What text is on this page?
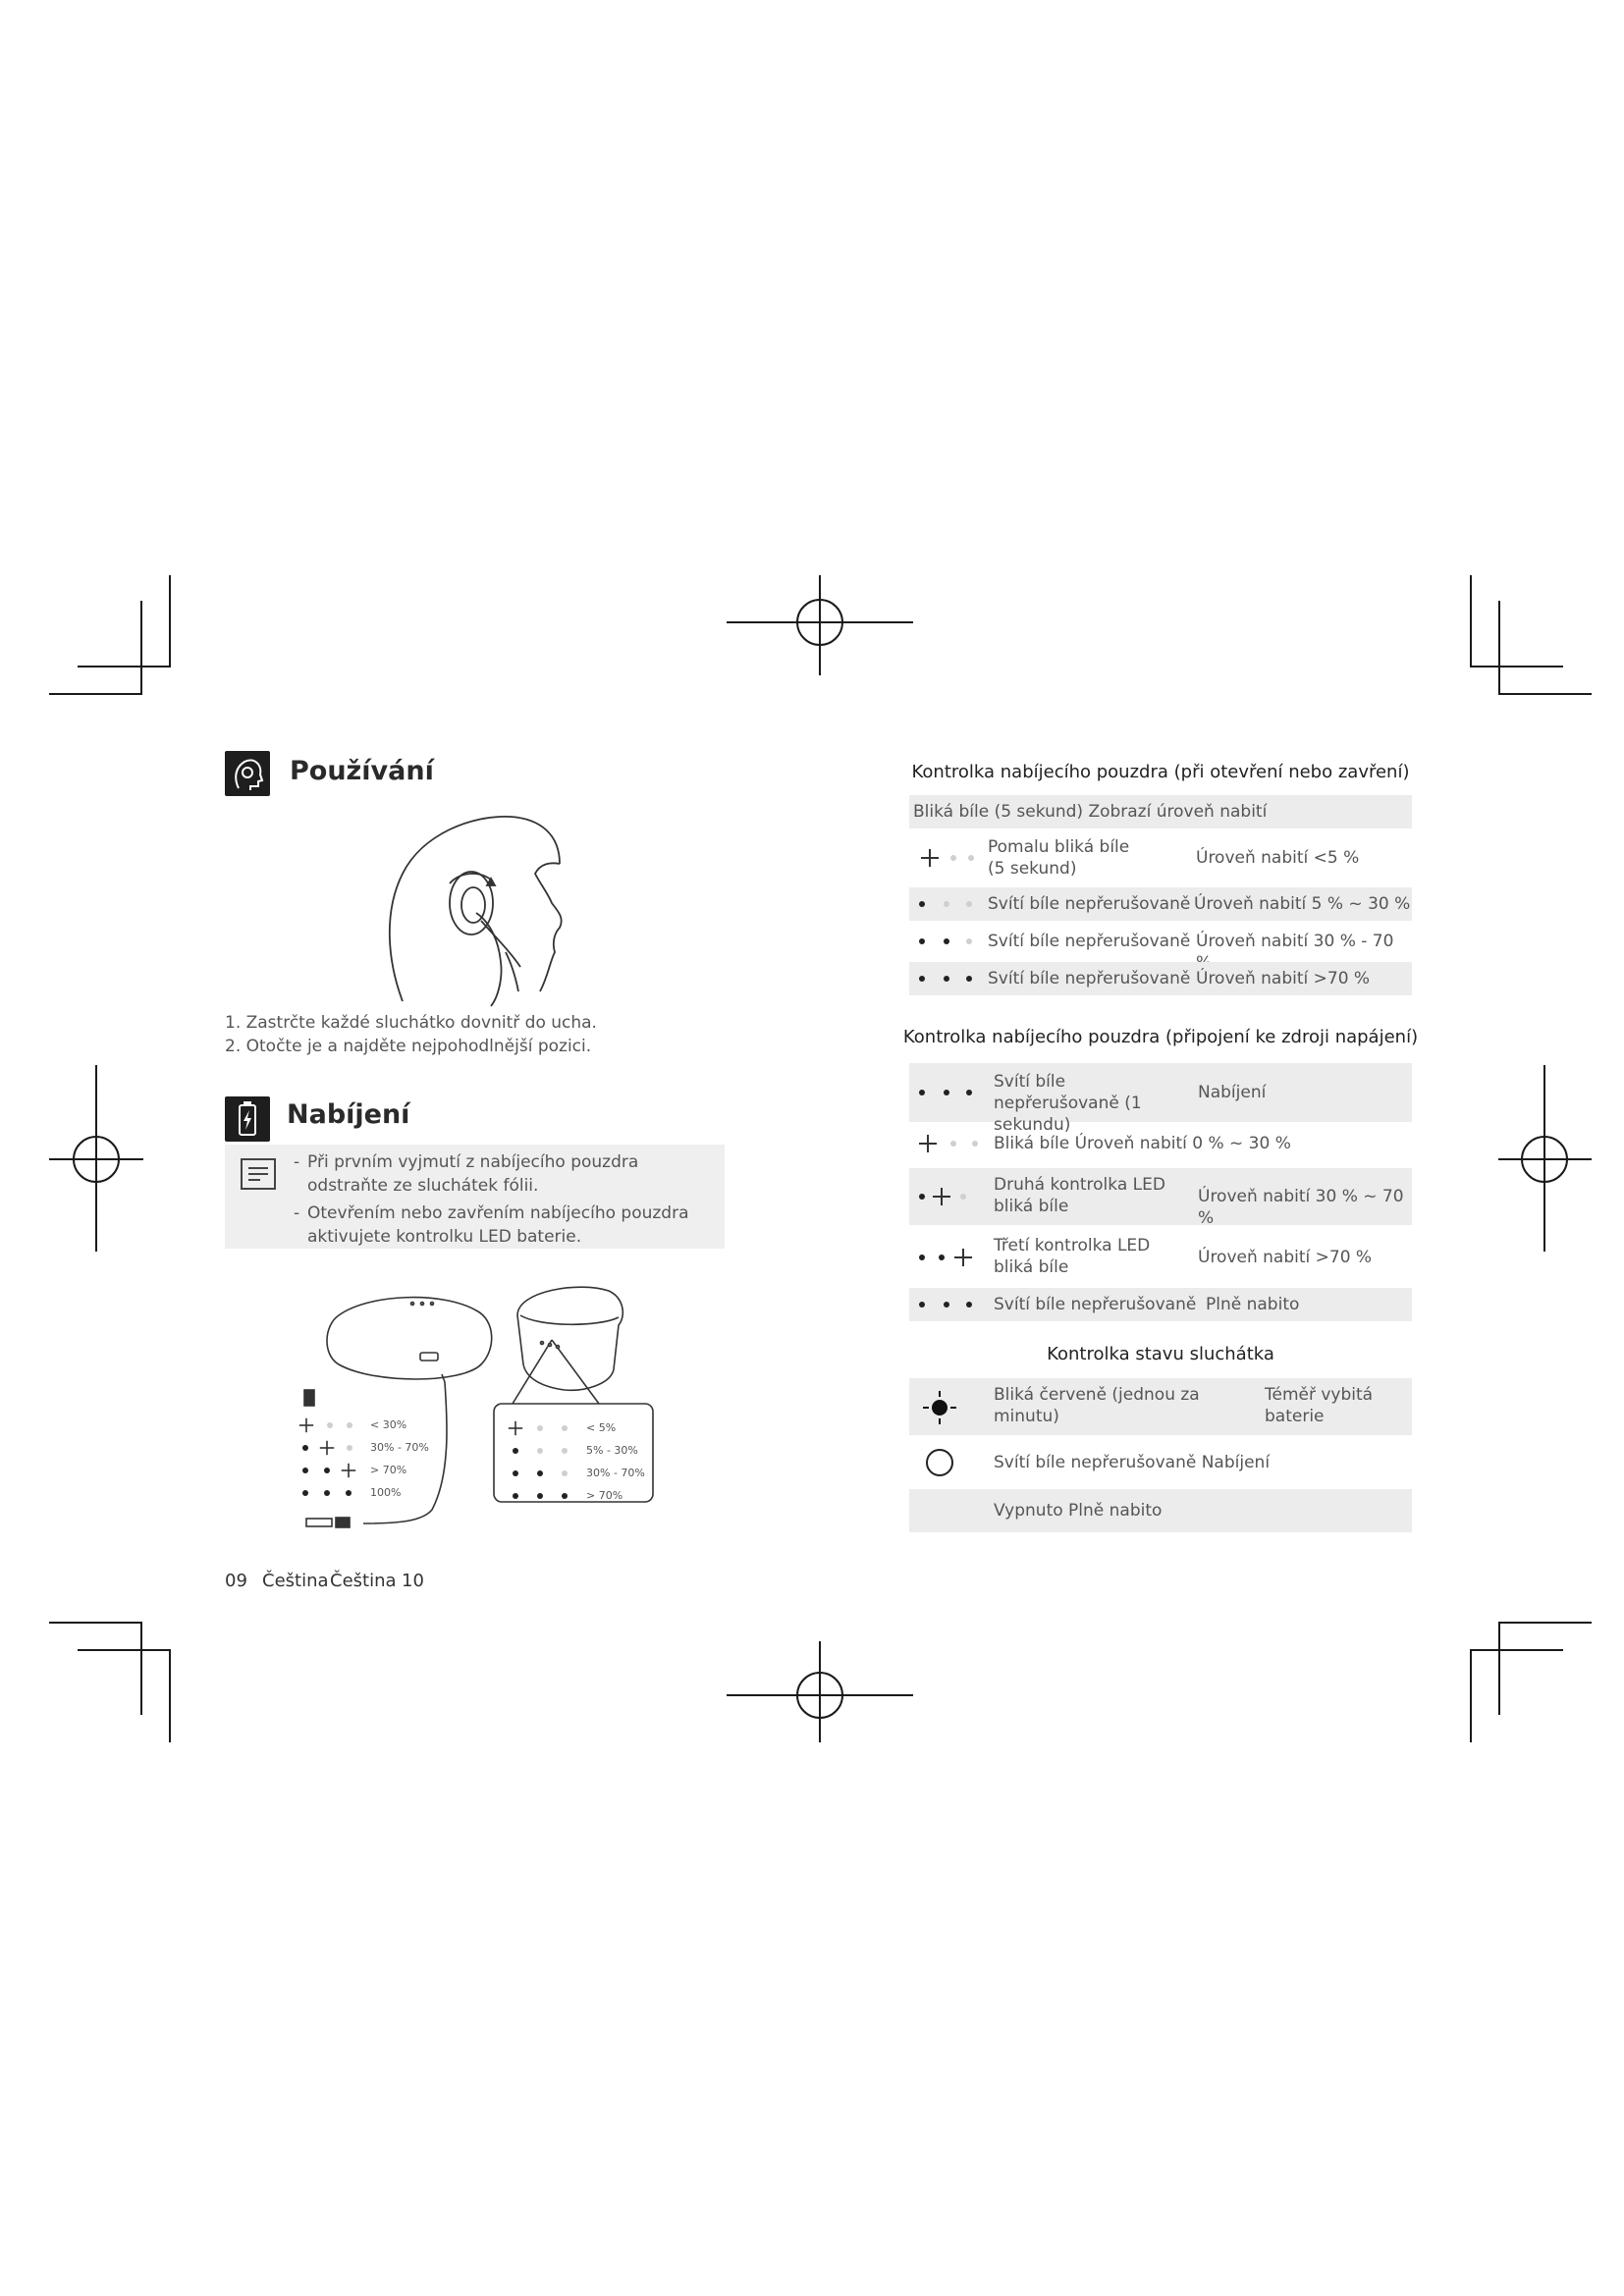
Používání
1. Zastrčte každé sluchátko dovnitř do ucha.
2. Otočte je a najděte nejpohodlnější pozici.
Nabíjení
- Při prvním vyjmutí z nabíjecího pouzdra odstraňte ze sluchátek fólii.
- Otevřením nebo zavřením nabíjecího pouzdra aktivujete kontrolku LED baterie.
< 30%
30% - 70%
> 70%
100%
< 5%
5% - 30%
30% - 70%
> 70%
09 Čeština Čeština 10
Kontrolka nabíjecího pouzdra (při otevření nebo zavření)
Bliká bíle (5 sekund) Zobrazí úroveň nabití
Pomalu bliká bíle (5 sekund)
Úroveň nabití <5 %
Svítí bíle nepřerušovaně Úroveň nabití 5 % ~ 30 %
Svítí bíle nepřerušovaně Úroveň nabití 30 % - 70
Svítí bíle nepřerušovaně Úroveň nabití >70 %
Kontrolka nabíjecího pouzdra (připojení ke zdroji napájení)
Svítí bíle nepřerušovaně (1 sekundu)
Nabíjení
Bliká bíle Úroveň nabití 0 % ~ 30 %
Druhá kontrolka LED bliká bíle	Úroveň nabití 30 % ~ 70 %
Třetí kontrolka LED bliká bíle	Úroveň nabití >70 %
Svítí bíle nepřerušovaně Plně nabito
Kontrolka stavu sluchátka
Bliká červeně (jednou za minutu)
Téměř vybitá baterie
Svítí bíle nepřerušovaně Nabíjení
Vypnuto Plně nabito
